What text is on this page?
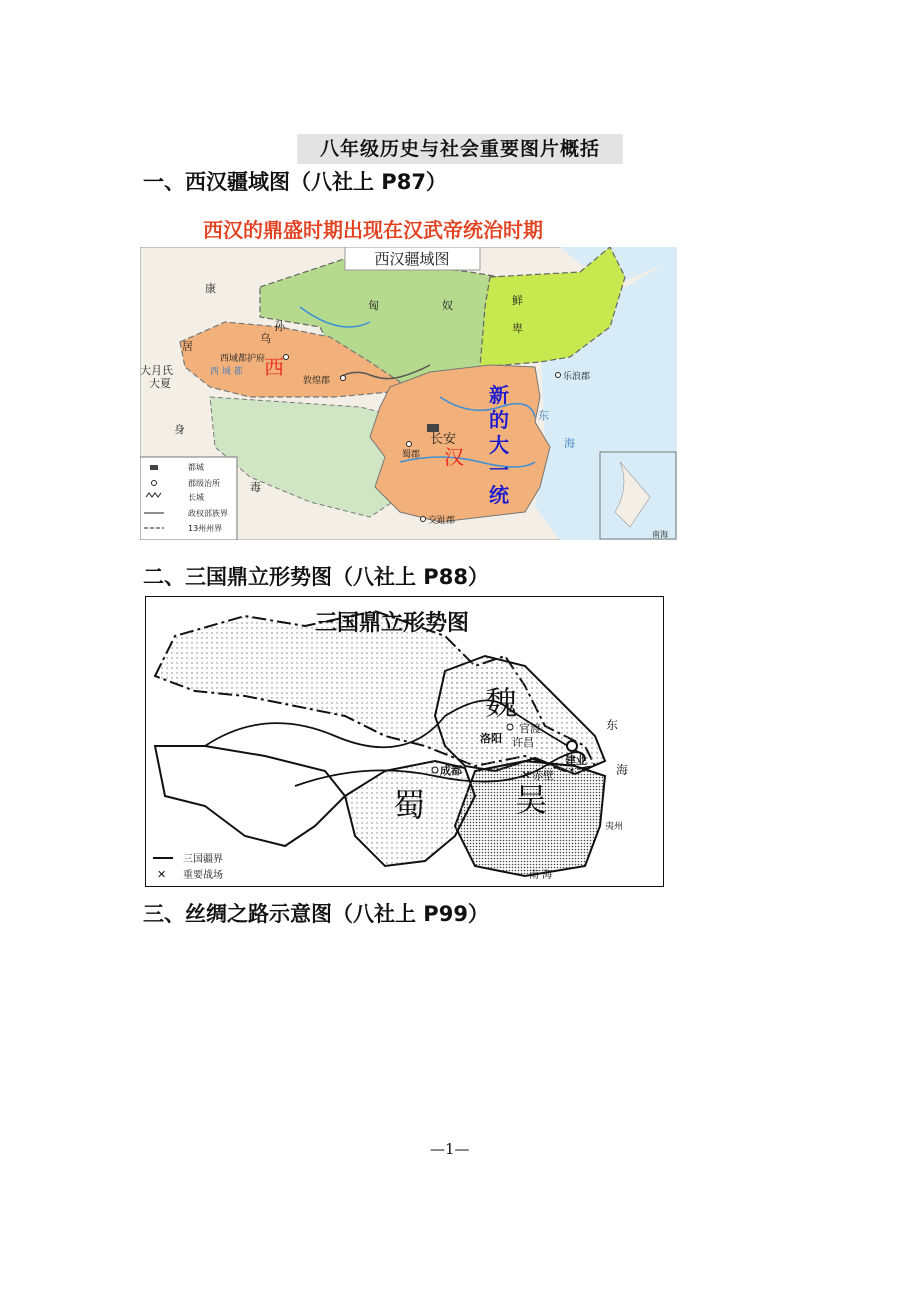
八年级历史与社会重要图片概括
一、西汉疆域图（八社上 P87）
西汉的鼎盛时期出现在汉武帝统治时期
西汉疆域图
康
居
乌
孙
匈	奴	鲜
卑
大月氏
大夏
身
毒
西 域 都
东
海
西域都护府
敦煌郡	乐浪郡
交趾郡
蜀郡
长安
西
汉
新
的
大
一
统
南海
都城
郡级治所
长城
政权部族界
13州州界
二、三国鼎立形势图（八社上 P88）
三国鼎立形势图
魏
蜀	吴
官渡
洛阳 许昌
成都
建业
✕ 赤壁
东
海
夷州
南 海
三国疆界
✕ 重要战场
三、丝绸之路示意图（八社上 P99）
—1—
